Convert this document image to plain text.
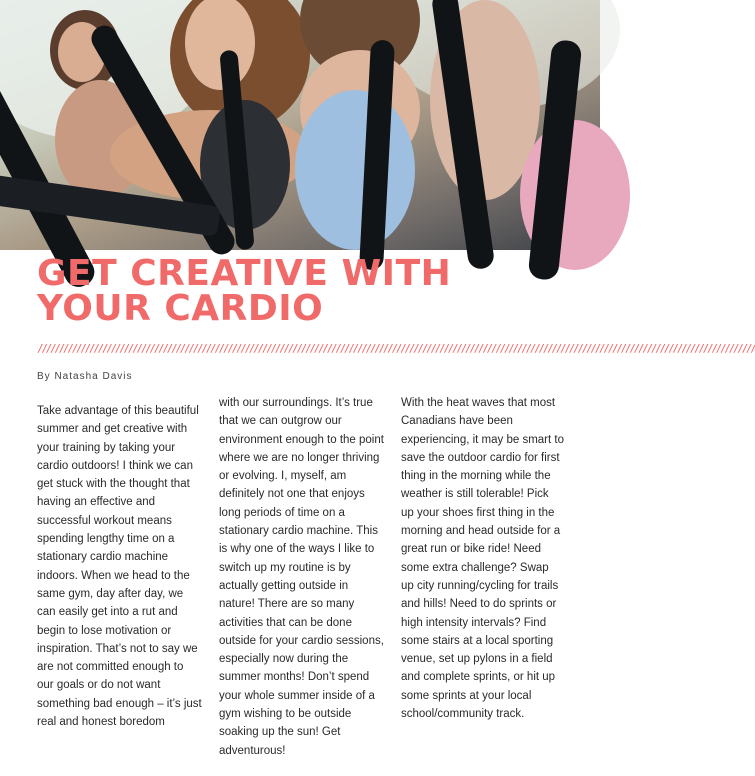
GET CREATIVE WITH YOUR CARDIO
//////////////////////////////////////////////////////////////////////////////////////////////////////////////////////////////////////////////////////////////////////
By Natasha Davis

Take advantage of this beautiful summer and get creative with your training by taking your cardio outdoors! I think we can get stuck with the thought that having an effective and successful workout means spending lengthy time on a stationary cardio machine indoors. When we head to the same gym, day after day, we can easily get into a rut and begin to lose motivation or inspiration. That’s not to say we are not committed enough to our goals or do not want something bad enough – it’s just real and honest boredom

with our surroundings. It’s true that we can outgrow our environment enough to the point where we are no longer thriving or evolving. I, myself, am definitely not one that enjoys long periods of time on a stationary cardio machine. This is why one of the ways I like to switch up my routine is by actually getting outside in nature! There are so many activities that can be done outside for your cardio sessions, especially now during the summer months! Don’t spend your whole summer inside of a gym wishing to be outside soaking up the sun! Get adventurous!

With the heat waves that most Canadians have been experiencing, it may be smart to save the outdoor cardio for first thing in the morning while the weather is still tolerable! Pick up your shoes first thing in the morning and head outside for a great run or bike ride! Need some extra challenge? Swap up city running/cycling for trails and hills! Need to do sprints or high intensity intervals? Find some stairs at a local sporting venue, set up pylons in a field and complete sprints, or hit up some sprints at your local school/community track.
